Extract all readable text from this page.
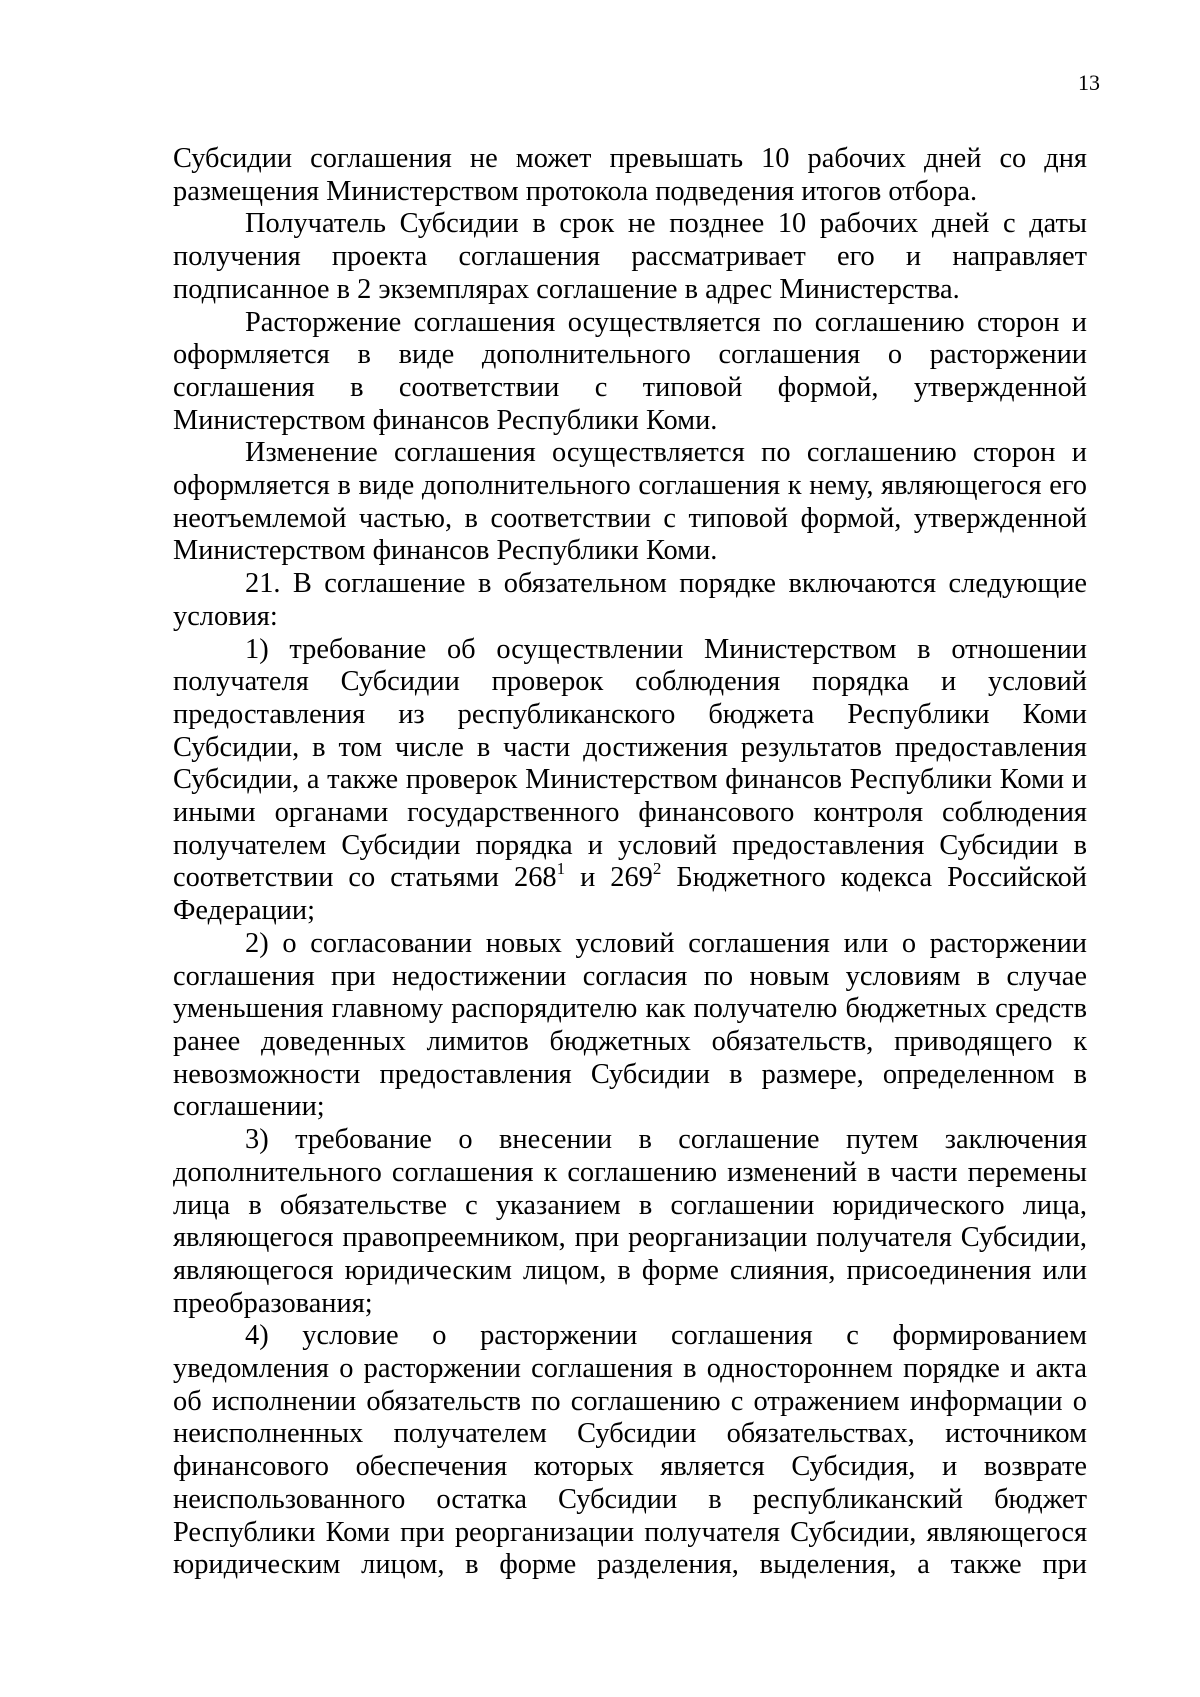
13

Субсидии соглашения не может превышать 10 рабочих дней со дня размещения Министерством протокола подведения итогов отбора.

Получатель Субсидии в срок не позднее 10 рабочих дней с даты получения проекта соглашения рассматривает его и направляет подписанное в 2 экземплярах соглашение в адрес Министерства.

Расторжение соглашения осуществляется по соглашению сторон и оформляется в виде дополнительного соглашения о расторжении соглашения в соответствии с типовой формой, утвержденной Министерством финансов Республики Коми.

Изменение соглашения осуществляется по соглашению сторон и оформляется в виде дополнительного соглашения к нему, являющегося его неотъемлемой частью, в соответствии с типовой формой, утвержденной Министерством финансов Республики Коми.

21. В соглашение в обязательном порядке включаются следующие условия:

1) требование об осуществлении Министерством в отношении получателя Субсидии проверок соблюдения порядка и условий предоставления из республиканского бюджета Республики Коми Субсидии, в том числе в части достижения результатов предоставления Субсидии, а также проверок Министерством финансов Республики Коми и иными органами государственного финансового контроля соблюдения получателем Субсидии порядка и условий предоставления Субсидии в соответствии со статьями $268^1$ и $269^2$ Бюджетного кодекса Российской Федерации;

2) о согласовании новых условий соглашения или о расторжении соглашения при недостижении согласия по новым условиям в случае уменьшения главному распорядителю как получателю бюджетных средств ранее доведенных лимитов бюджетных обязательств, приводящего к невозможности предоставления Субсидии в размере, определенном в соглашении;

3) требование о внесении в соглашение путем заключения дополнительного соглашения к соглашению изменений в части перемены лица в обязательстве с указанием в соглашении юридического лица, являющегося правопреемником, при реорганизации получателя Субсидии, являющегося юридическим лицом, в форме слияния, присоединения или преобразования;

4) условие о расторжении соглашения с формированием уведомления о расторжении соглашения в одностороннем порядке и акта об исполнении обязательств по соглашению с отражением информации о неисполненных получателем Субсидии обязательствах, источником финансового обеспечения которых является Субсидия, и возврате неиспользованного остатка Субсидии в республиканский бюджет Республики Коми при реорганизации получателя Субсидии, являющегося юридическим лицом, в форме разделения, выделения, а также при
